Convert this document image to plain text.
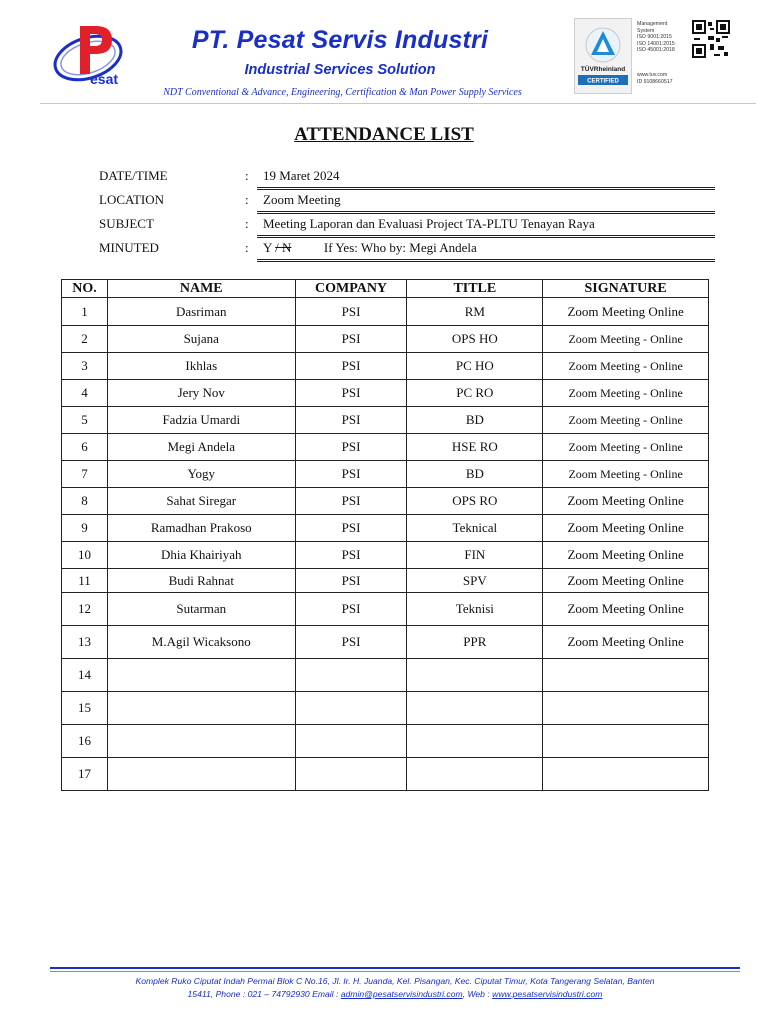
esat
PT. Pesat Servis Industri
Industrial Services Solution
NDT Conventional & Advance, Engineering, Certification & Man Power Supply Services
TÜVRheinland
CERTIFIED
Management
System
ISO 9001:2015
ISO 14001:2015
ISO 45001:2018
www.tuv.com
ID 9108660517
ATTENDANCE LIST
DATE/TIME	: 19 Maret 2024
LOCATION	: Zoom Meeting
SUBJECT	: Meeting Laporan dan Evaluasi Project TA-PLTU Tenayan Raya
MINUTED	: Y / N	If Yes: Who by: Megi Andela
NO.	NAME	COMPANY	TITLE	SIGNATURE
1	Dasriman	PSI	RM	Zoom Meeting Online
2	Sujana	PSI	OPS HO	Zoom Meeting - Online
3	Ikhlas	PSI	PC HO	Zoom Meeting - Online
4	Jery Nov	PSI	PC RO	Zoom Meeting - Online
5	Fadzia Umardi	PSI	BD	Zoom Meeting - Online
6	Megi Andela	PSI	HSE RO	Zoom Meeting - Online
7	Yogy	PSI	BD	Zoom Meeting - Online
8	Sahat Siregar	PSI	OPS RO	Zoom Meeting Online
9	Ramadhan Prakoso	PSI	Teknical	Zoom Meeting Online
10	Dhia Khairiyah	PSI	FIN	Zoom Meeting Online
11	Budi Rahnat	PSI	SPV	Zoom Meeting Online
12	Sutarman	PSI	Teknisi	Zoom Meeting Online
13	M.Agil Wicaksono	PSI	PPR	Zoom Meeting Online
14				
15				
16				
17				
Komplek Ruko Ciputat Indah Permai Blok C No.16, Jl. Ir. H. Juanda, Kel. Pisangan, Kec. Ciputat Timur, Kota Tangerang Selatan, Banten
15411, Phone : 021 – 74792930 Email : admin@pesatservisindustri.com, Web : www.pesatservisindustri.com
